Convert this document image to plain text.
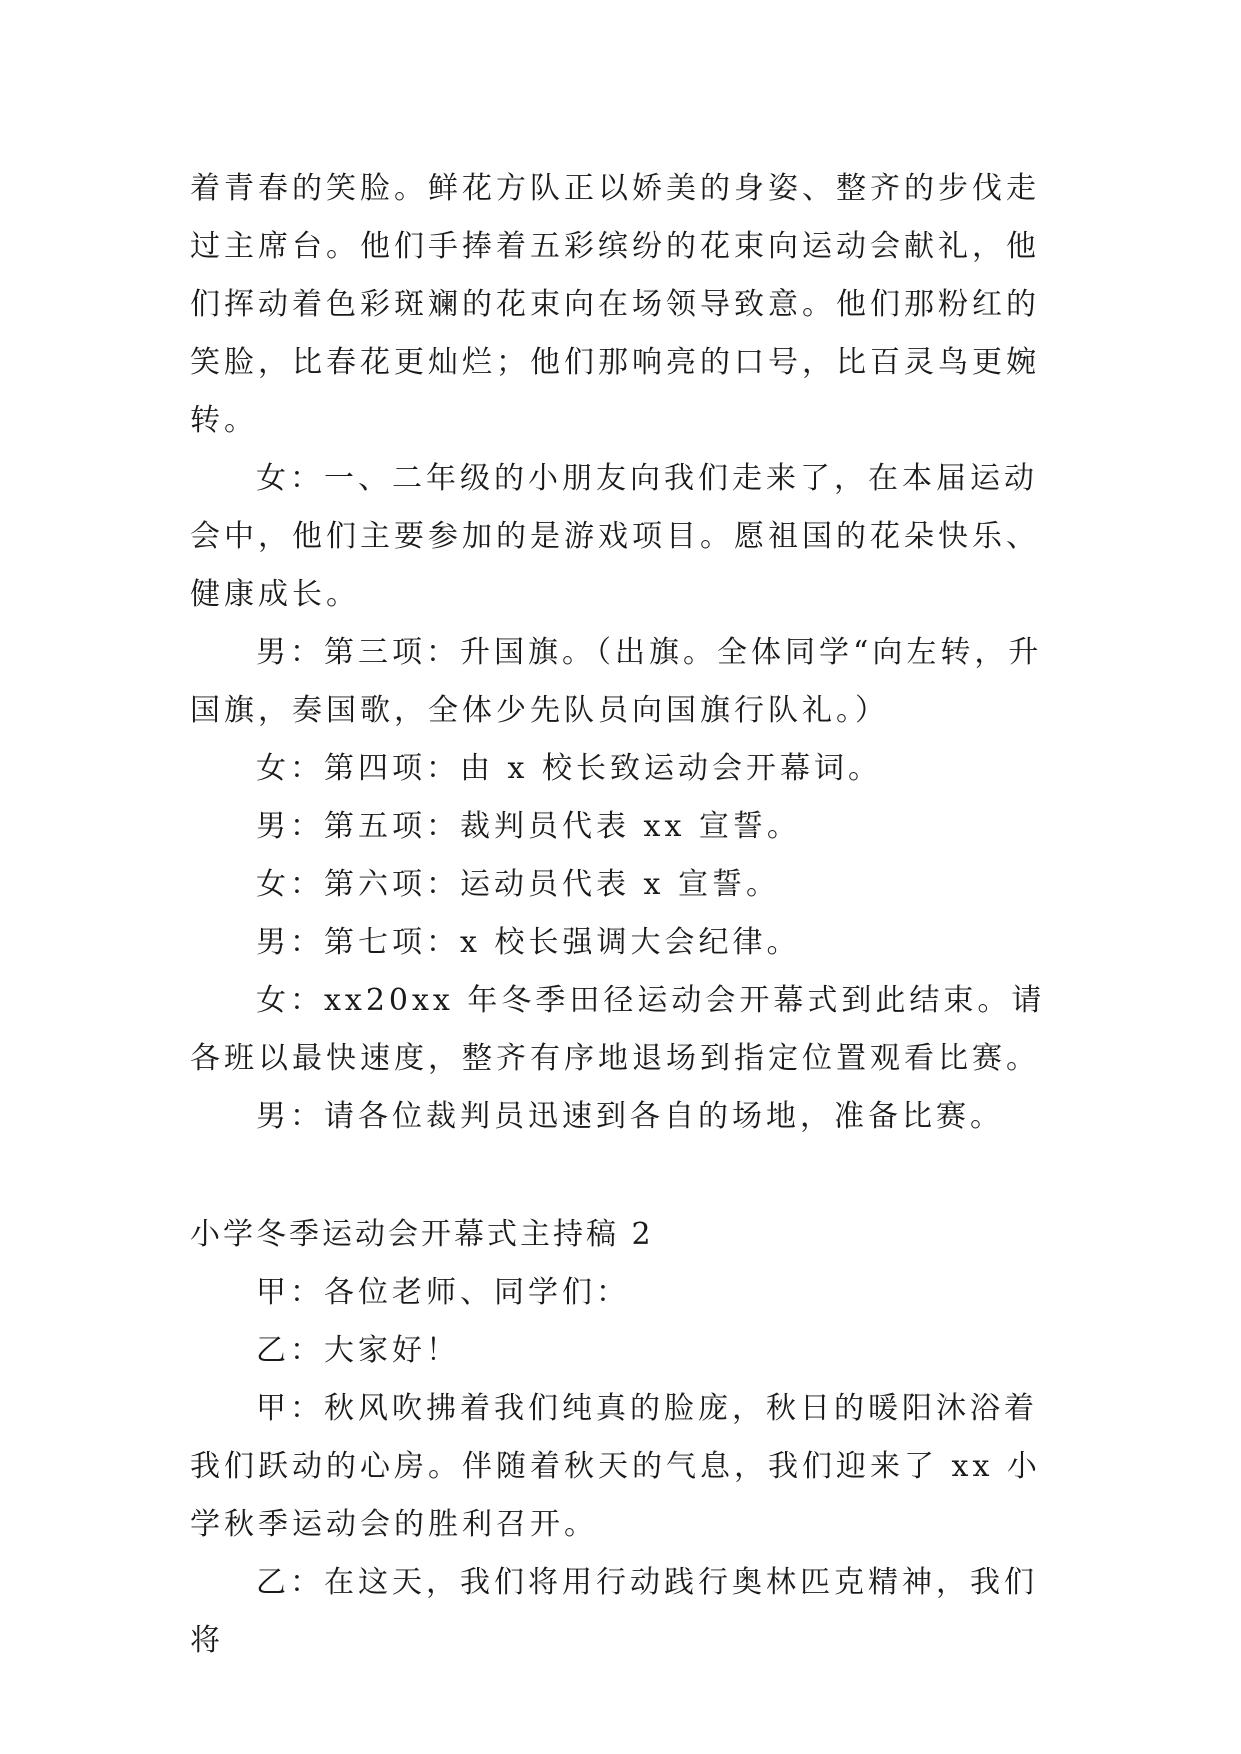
着青春的笑脸。鲜花方队正以娇美的身姿、整齐的步伐走过主席台。他们手捧着五彩缤纷的花束向运动会献礼，他们挥动着色彩斑斓的花束向在场领导致意。他们那粉红的笑脸，比春花更灿烂；他们那响亮的口号，比百灵鸟更婉转。

女：一、二年级的小朋友向我们走来了，在本届运动会中，他们主要参加的是游戏项目。愿祖国的花朵快乐、健康成长。

男：第三项：升国旗。（出旗。全体同学“向左转，升国旗，奏国歌，全体少先队员向国旗行队礼。）

女：第四项：由 x 校长致运动会开幕词。

男：第五项：裁判员代表 xx 宣誓。

女：第六项：运动员代表 x 宣誓。

男：第七项：x 校长强调大会纪律。

女：xx20xx 年冬季田径运动会开幕式到此结束。请各班以最快速度，整齐有序地退场到指定位置观看比赛。

男：请各位裁判员迅速到各自的场地，准备比赛。

小学冬季运动会开幕式主持稿 2

甲：各位老师、同学们：

乙：大家好！

甲：秋风吹拂着我们纯真的脸庞，秋日的暖阳沐浴着我们跃动的心房。伴随着秋天的气息，我们迎来了 xx 小学秋季运动会的胜利召开。

乙：在这天，我们将用行动践行奥林匹克精神，我们将
